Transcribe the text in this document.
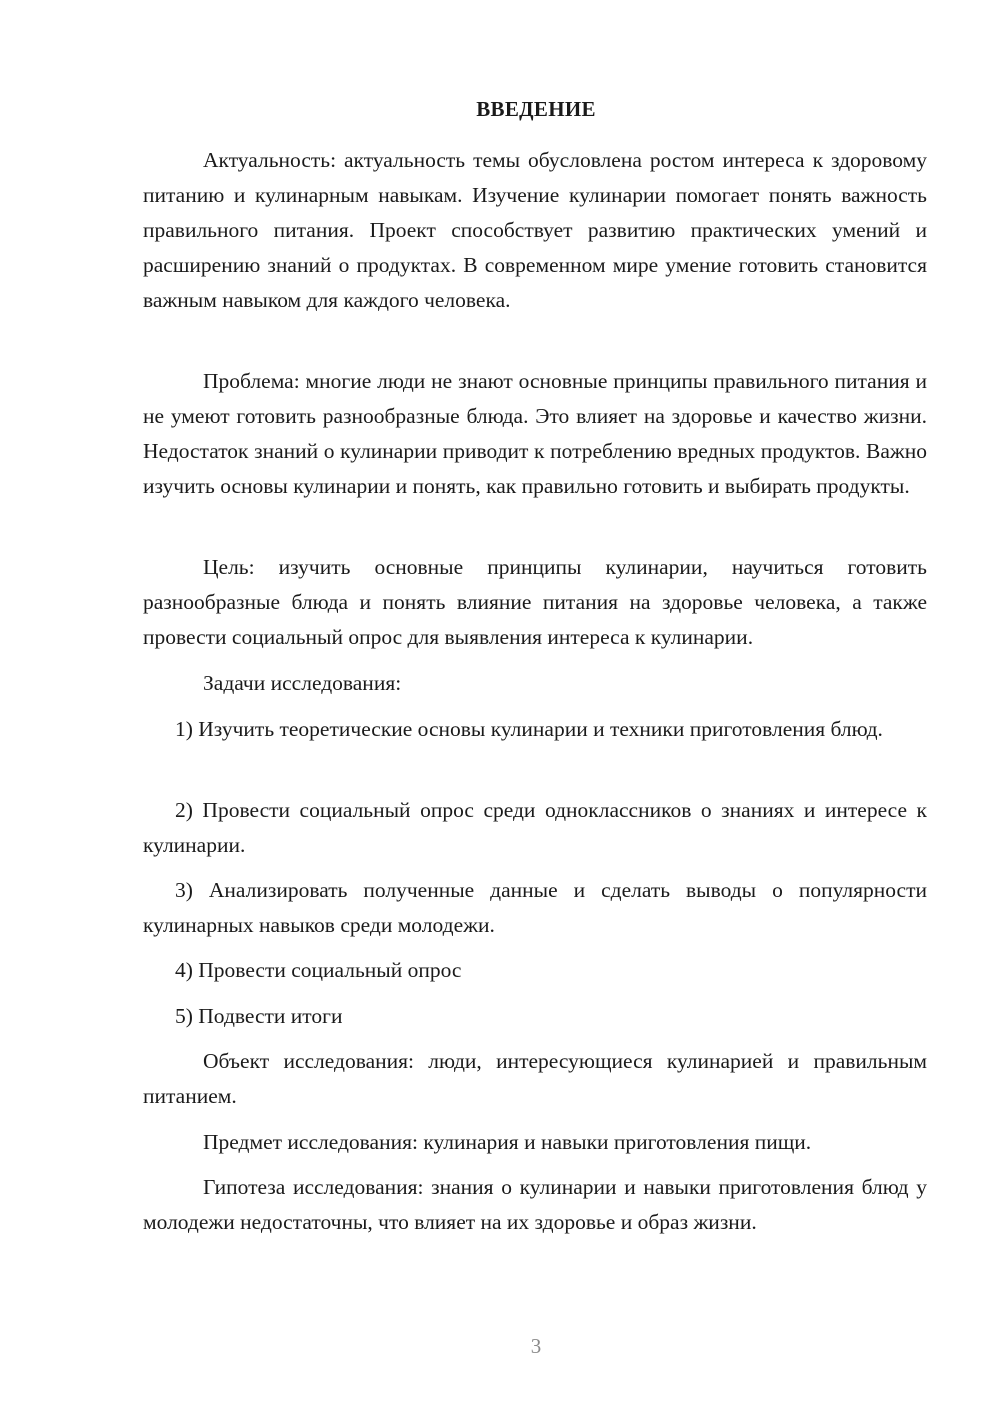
ВВЕДЕНИЕ

Актуальность: актуальность темы обусловлена ростом интереса к здоровому питанию и кулинарным навыкам. Изучение кулинарии помогает понять важность правильного питания. Проект способствует развитию практических умений и расширению знаний о продуктах. В современном мире умение готовить становится важным навыком для каждого человека.

Проблема: многие люди не знают основные принципы правильного питания и не умеют готовить разнообразные блюда. Это влияет на здоровье и качество жизни. Недостаток знаний о кулинарии приводит к потреблению вредных продуктов. Важно изучить основы кулинарии и понять, как правильно готовить и выбирать продукты.

Цель: изучить основные принципы кулинарии, научиться готовить разнообразные блюда и понять влияние питания на здоровье человека, а также провести социальный опрос для выявления интереса к кулинарии.

Задачи исследования:

1) Изучить теоретические основы кулинарии и техники приготовления блюд.

2) Провести социальный опрос среди одноклассников о знаниях и интересе к кулинарии.

3) Анализировать полученные данные и сделать выводы о популярности кулинарных навыков среди молодежи.

4) Провести социальный опрос

5) Подвести итоги

Объект исследования: люди, интересующиеся кулинарией и правильным питанием.

Предмет исследования: кулинария и навыки приготовления пищи.

Гипотеза исследования: знания о кулинарии и навыки приготовления блюд у молодежи недостаточны, что влияет на их здоровье и образ жизни.

3
